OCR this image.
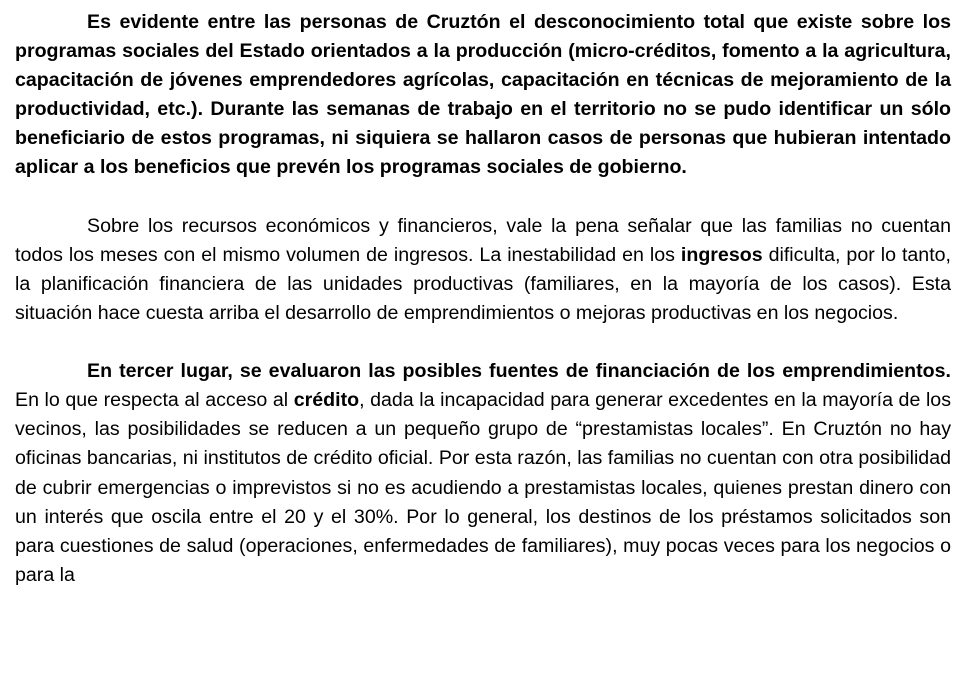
Es evidente entre las personas de Cruztón el desconocimiento total que existe sobre los programas sociales del Estado orientados a la producción (micro-créditos, fomento a la agricultura, capacitación de jóvenes emprendedores agrícolas, capacitación en técnicas de mejoramiento de la productividad, etc.). Durante las semanas de trabajo en el territorio no se pudo identificar un sólo beneficiario de estos programas, ni siquiera se hallaron casos de personas que hubieran intentado aplicar a los beneficios que prevén los programas sociales de gobierno.

Sobre los recursos económicos y financieros, vale la pena señalar que las familias no cuentan todos los meses con el mismo volumen de ingresos. La inestabilidad en los ingresos dificulta, por lo tanto, la planificación financiera de las unidades productivas (familiares, en la mayoría de los casos). Esta situación hace cuesta arriba el desarrollo de emprendimientos o mejoras productivas en los negocios.

En tercer lugar, se evaluaron las posibles fuentes de financiación de los emprendimientos. En lo que respecta al acceso al crédito, dada la incapacidad para generar excedentes en la mayoría de los vecinos, las posibilidades se reducen a un pequeño grupo de “prestamistas locales”. En Cruztón no hay oficinas bancarias, ni institutos de crédito oficial. Por esta razón, las familias no cuentan con otra posibilidad de cubrir emergencias o imprevistos si no es acudiendo a prestamistas locales, quienes prestan dinero con un interés que oscila entre el 20 y el 30%. Por lo general, los destinos de los préstamos solicitados son para cuestiones de salud (operaciones, enfermedades de familiares), muy pocas veces para los negocios o para la
